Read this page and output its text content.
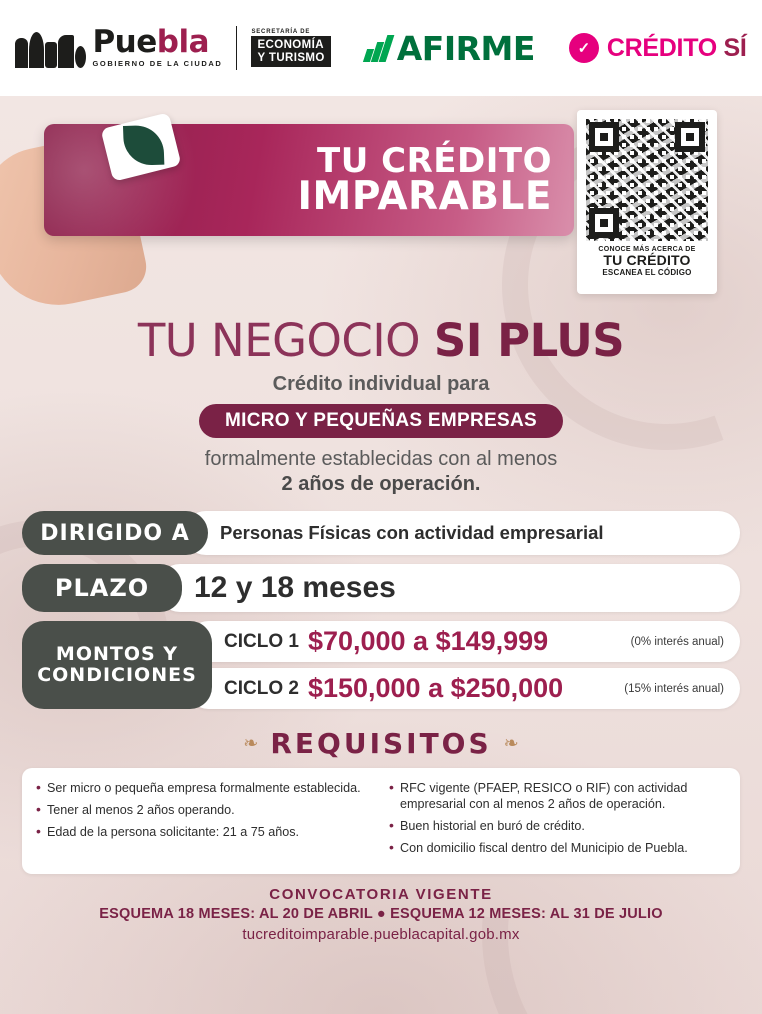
Puebla
GOBIERNO DE LA CIUDAD
SECRETARÍA DE
ECONOMÍA
Y TURISMO AFIRME	✓ CRÉDITO SÍ
TU CRÉDITO
IMPARABLE
CONOCE MÁS ACERCA DE
TU CRÉDITO
ESCANEA EL CÓDIGO
TU NEGOCIO SI PLUS
Crédito individual para
MICRO Y PEQUEÑAS EMPRESAS
formalmente establecidas con al menos
2 años de operación.
DIRIGIDO A	Personas Físicas con actividad empresarial
PLAZO	12 y 18 meses
MONTOS Y
CONDICIONES
CICLO 1 $70,000 a $149,999	(0% interés anual)
CICLO 2 $150,000 a $250,000	(15% interés anual)
❧ REQUISITOS ❧
• Ser micro o pequeña empresa formalmente establecida.
• Tener al menos 2 años operando.
• Edad de la persona solicitante: 21 a 75 años.
• RFC vigente (PFAEP, RESICO o RIF) con actividad empresarial con al menos 2 años de operación.
• Buen historial en buró de crédito.
• Con domicilio fiscal dentro del Municipio de Puebla.
CONVOCATORIA VIGENTE
ESQUEMA 18 MESES: AL 20 DE ABRIL ● ESQUEMA 12 MESES: AL 31 DE JULIO
tucreditoimparable.pueblacapital.gob.mx
